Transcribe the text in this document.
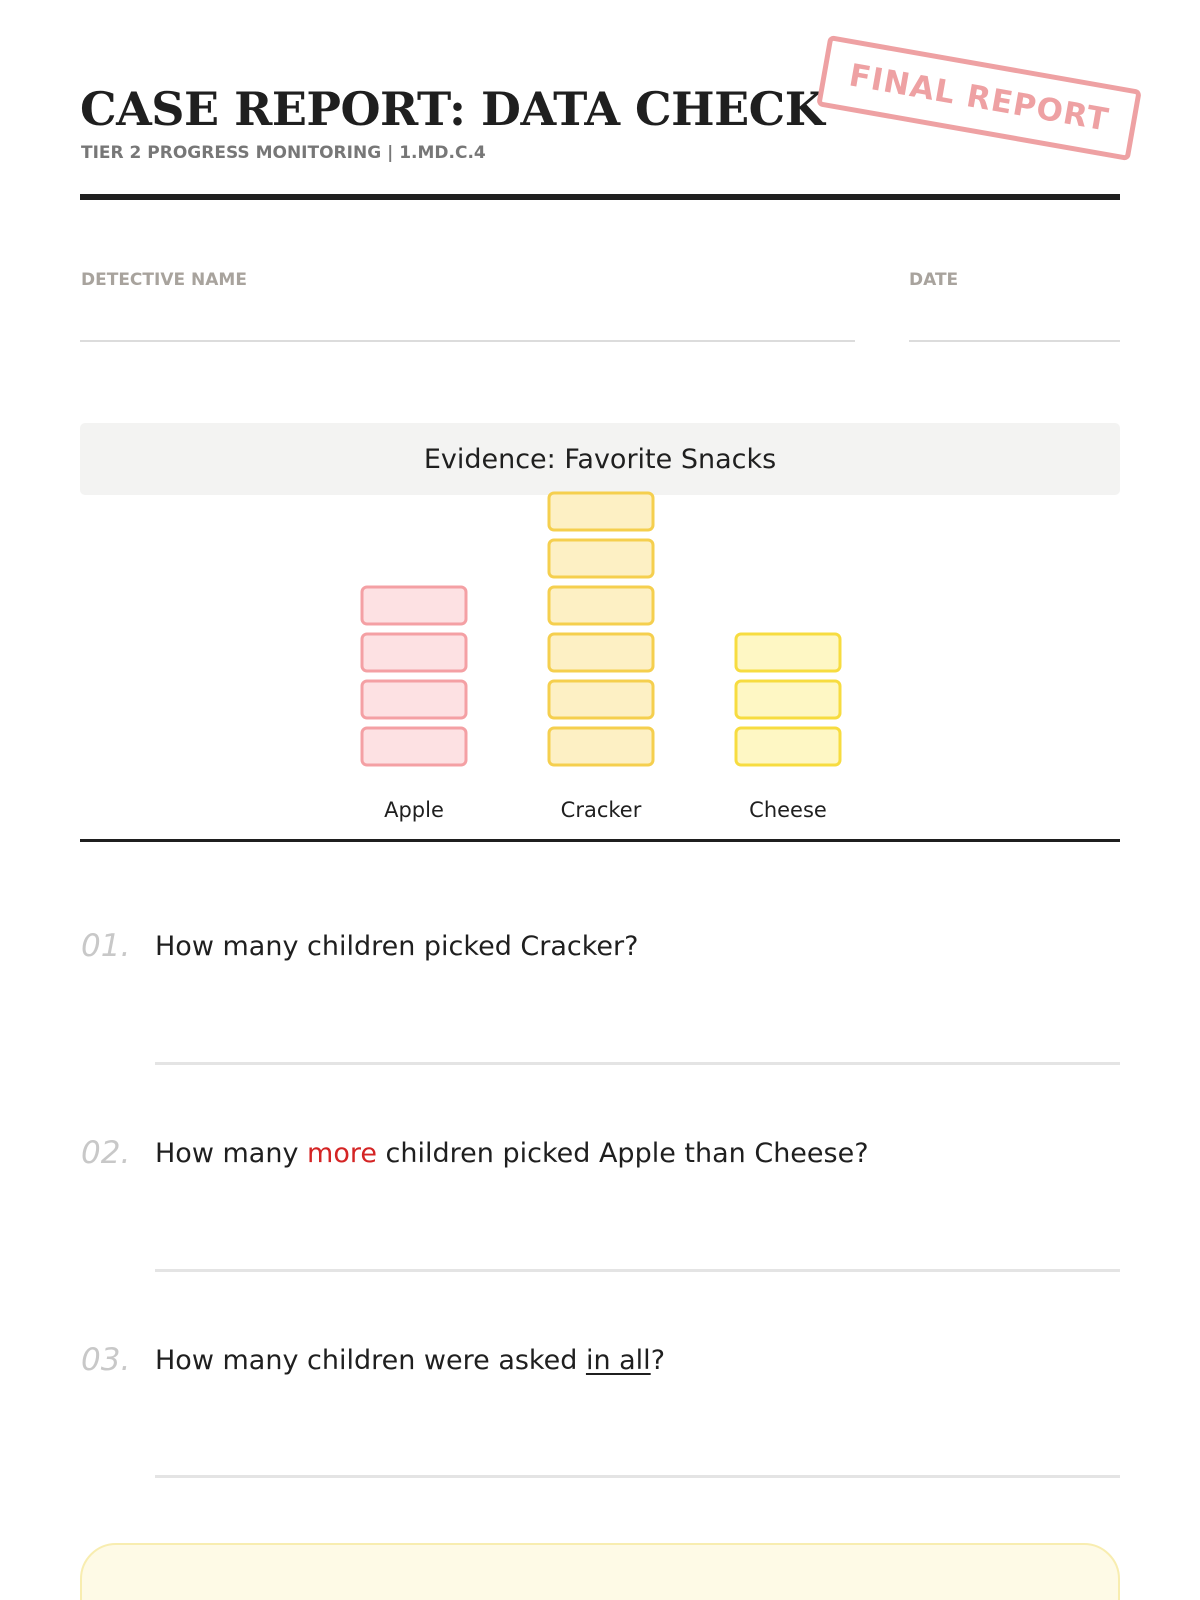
CASE REPORT: DATA CHECK
TIER 2 PROGRESS MONITORING | 1.MD.C.4
FINAL REPORT
DETECTIVE NAME	DATE
Evidence: Favorite Snacks
Apple	Cracker	Cheese
01. How many children picked Cracker?
02. How many more children picked Apple than Cheese?
03. How many children were asked in all?
